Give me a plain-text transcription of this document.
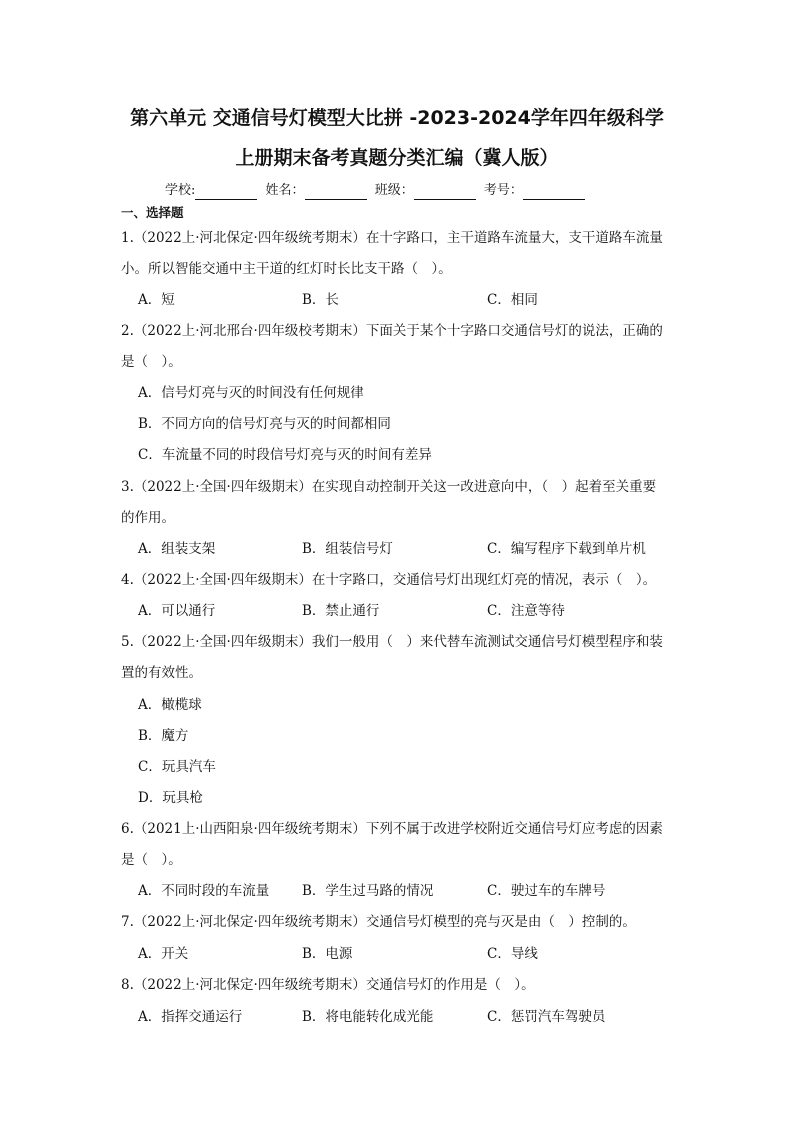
第六单元 交通信号灯模型大比拼 -2023-2024学年四年级科学
上册期末备考真题分类汇编（冀人版）
学校:	姓名：	班级：	考号：
一、选择题
1.（2022上·河北保定·四年级统考期末）在十字路口，主干道路车流量大，支干道路车流量
小。所以智能交通中主干道的红灯时长比支干路（　）。
A．短	B．长	C．相同
2.（2022上·河北邢台·四年级校考期末）下面关于某个十字路口交通信号灯的说法，正确的
是（　）。
A．信号灯亮与灭的时间没有任何规律
B．不同方向的信号灯亮与灭的时间都相同
C．车流量不同的时段信号灯亮与灭的时间有差异
3.（2022上·全国·四年级期末）在实现自动控制开关这一改进意向中，（　）起着至关重要
的作用。
A．组装支架	B．组装信号灯	C．编写程序下载到单片机
4.（2022上·全国·四年级期末）在十字路口，交通信号灯出现红灯亮的情况，表示（　）。
A．可以通行	B．禁止通行	C．注意等待
5.（2022上·全国·四年级期末）我们一般用（　）来代替车流测试交通信号灯模型程序和装
置的有效性。
A．橄榄球
B．魔方
C．玩具汽车
D．玩具枪
6.（2021上·山西阳泉·四年级统考期末）下列不属于改进学校附近交通信号灯应考虑的因素
是（　）。
A．不同时段的车流量 B．学生过马路的情况	C．驶过车的车牌号
7.（2022上·河北保定·四年级统考期末）交通信号灯模型的亮与灭是由（　）控制的。
A．开关	B．电源	C．导线
8.（2022上·河北保定·四年级统考期末）交通信号灯的作用是（　）。
A．指挥交通运行	B．将电能转化成光能	C．惩罚汽车驾驶员
